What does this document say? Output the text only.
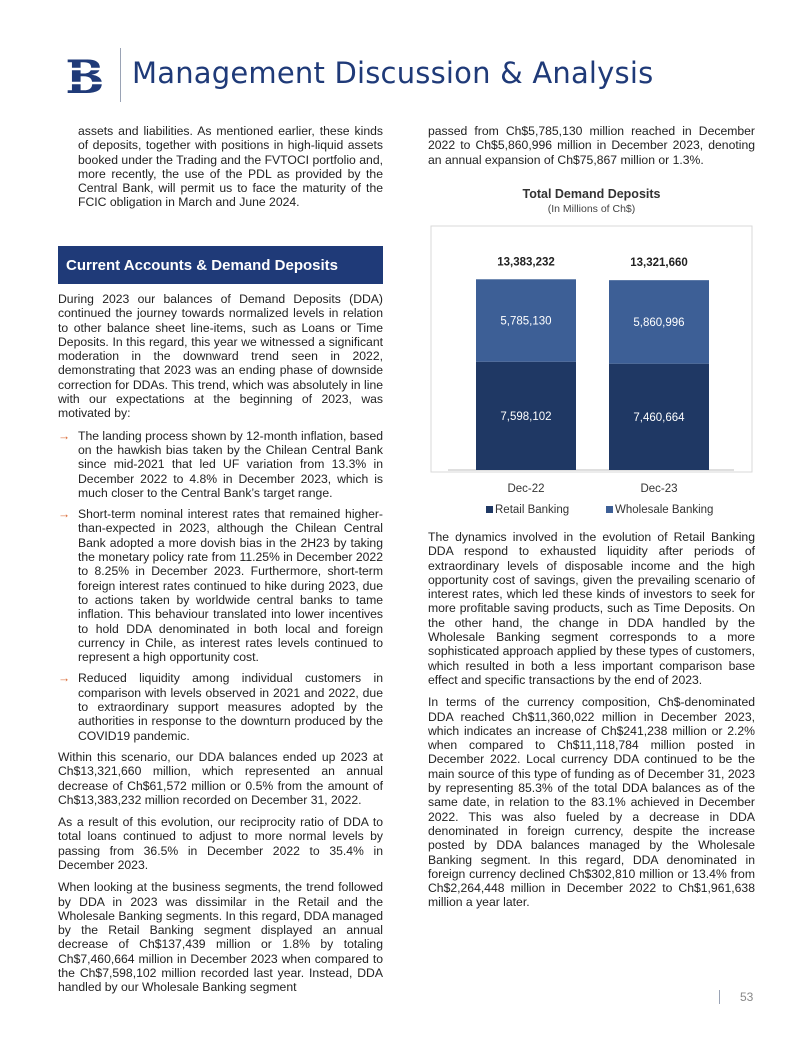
B Management Discussion & Analysis

assets and liabilities. As mentioned earlier, these kinds of deposits, together with positions in high-liquid assets booked under the Trading and the FVTOCI portfolio and, more recently, the use of the PDL as provided by the Central Bank, will permit us to face the maturity of the FCIC obligation in March and June 2024.

Current Accounts & Demand Deposits

During 2023 our balances of Demand Deposits (DDA) continued the journey towards normalized levels in relation to other balance sheet line-items, such as Loans or Time Deposits. In this regard, this year we witnessed a significant moderation in the downward trend seen in 2022, demonstrating that 2023 was an ending phase of downside correction for DDAs. This trend, which was absolutely in line with our expectations at the beginning of 2023, was motivated by:

→ The landing process shown by 12-month inflation, based on the hawkish bias taken by the Chilean Central Bank since mid-2021 that led UF variation from 13.3% in December 2022 to 4.8% in December 2023, which is much closer to the Central Bank’s target range.
→ Short-term nominal interest rates that remained higher-than-expected in 2023, although the Chilean Central Bank adopted a more dovish bias in the 2H23 by taking the monetary policy rate from 11.25% in December 2022 to 8.25% in December 2023. Furthermore, short-term foreign interest rates continued to hike during 2023, due to actions taken by worldwide central banks to tame inflation. This behaviour translated into lower incentives to hold DDA denominated in both local and foreign currency in Chile, as interest rates levels continued to represent a high opportunity cost.
→ Reduced liquidity among individual customers in comparison with levels observed in 2021 and 2022, due to extraordinary support measures adopted by the authorities in response to the downturn produced by the COVID19 pandemic.

Within this scenario, our DDA balances ended up 2023 at Ch$13,321,660 million, which represented an annual decrease of Ch$61,572 million or 0.5% from the amount of Ch$13,383,232 million recorded on December 31, 2022.

As a result of this evolution, our reciprocity ratio of DDA to total loans continued to adjust to more normal levels by passing from 36.5% in December 2022 to 35.4% in December 2023.

When looking at the business segments, the trend followed by DDA in 2023 was dissimilar in the Retail and the Wholesale Banking segments. In this regard, DDA managed by the Retail Banking segment displayed an annual decrease of Ch$137,439 million or 1.8% by totaling Ch$7,460,664 million in December 2023 when compared to the Ch$7,598,102 million recorded last year. Instead, DDA handled by our Wholesale Banking segment

passed from Ch$5,785,130 million reached in December 2022 to Ch$5,860,996 million in December 2023, denoting an annual expansion of Ch$75,867 million or 1.3%.

Total Demand Deposits
(In Millions of Ch$)
7,598,102
5,785,130
13,383,232
Dec-22
7,460,664
5,860,996
13,321,660
Dec-23
Retail Banking	Wholesale Banking

The dynamics involved in the evolution of Retail Banking DDA respond to exhausted liquidity after periods of extraordinary levels of disposable income and the high opportunity cost of savings, given the prevailing scenario of interest rates, which led these kinds of investors to seek for more profitable saving products, such as Time Deposits. On the other hand, the change in DDA handled by the Wholesale Banking segment corresponds to a more sophisticated approach applied by these types of customers, which resulted in both a less important comparison base effect and specific transactions by the end of 2023.

In terms of the currency composition, Ch$-denominated DDA reached Ch$11,360,022 million in December 2023, which indicates an increase of Ch$241,238 million or 2.2% when compared to Ch$11,118,784 million posted in December 2022. Local currency DDA continued to be the main source of this type of funding as of December 31, 2023 by representing 85.3% of the total DDA balances as of the same date, in relation to the 83.1% achieved in December 2022. This was also fueled by a decrease in DDA denominated in foreign currency, despite the increase posted by DDA balances managed by the Wholesale Banking segment. In this regard, DDA denominated in foreign currency declined Ch$302,810 million or 13.4% from Ch$2,264,448 million in December 2022 to Ch$1,961,638 million a year later.

53
